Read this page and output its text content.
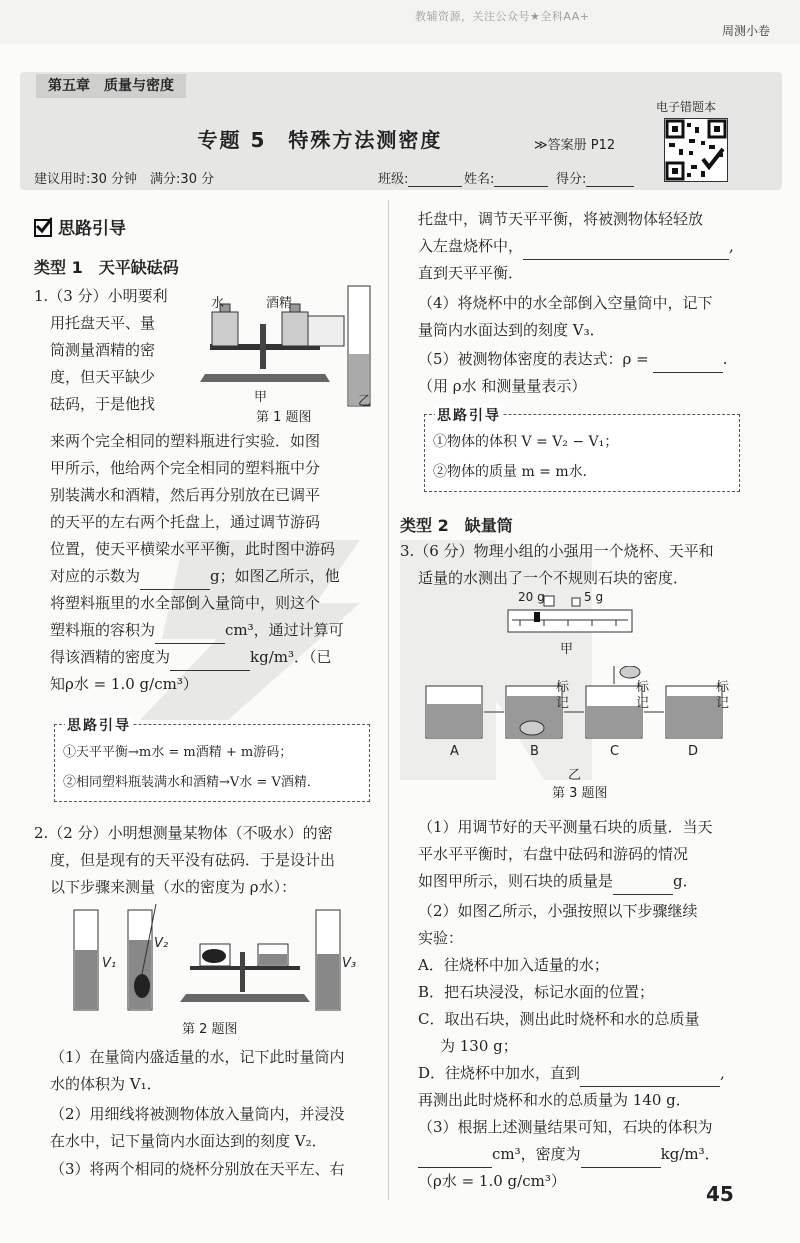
教辅资源，关注公众号★全科AA+
周测小卷
第五章　质量与密度
专题 5　特殊方法测密度	≫答案册 P12
电子错题本
建议用时:30 分钟　满分:30 分	班级:	姓名:	得分:
思路引导
类型 1　天平缺砝码
1.（3 分）小明要利
用托盘天平、量
筒测量酒精的密
度，但天平缺少
砝码，于是他找
水	酒精
甲	乙
第 1 题图
来两个完全相同的塑料瓶进行实验．如图
甲所示，他给两个完全相同的塑料瓶中分
别装满水和酒精，然后再分别放在已调平
的天平的左右两个托盘上，通过调节游码
位置，使天平横梁水平平衡，此时图中游码
对应的示数为	g；如图乙所示，他
将塑料瓶里的水全部倒入量筒中，则这个
塑料瓶的容积为	cm³，通过计算可
得该酒精的密度为	kg/m³．（已
知ρ水 = 1.0 g/cm³）
思路引导
①天平平衡→m水 = m酒精 + m游码；
②相同塑料瓶装满水和酒精→V水 = V酒精．
2.（2 分）小明想测量某物体（不吸水）的密
度，但是现有的天平没有砝码．于是设计出
以下步骤来测量（水的密度为 ρ水）：
V₁
V₂
V₃
第 2 题图
（1）在量筒内盛适量的水，记下此时量筒内
水的体积为 V₁．
（2）用细线将被测物体放入量筒内，并浸没
在水中，记下量筒内水面达到的刻度 V₂．
（3）将两个相同的烧杯分别放在天平左、右
托盘中，调节天平平衡，将被测物体轻轻放
入左盘烧杯中，	,
直到天平平衡．
（4）将烧杯中的水全部倒入空量筒中，记下
量筒内水面达到的刻度 V₃．
（5）被测物体密度的表达式：ρ =	.
（用 ρ水 和测量量表示）
思路引导
①物体的体积 V = V₂ − V₁；
②物体的质量 m = m水．
类型 2　缺量筒
3.（6 分）物理小组的小强用一个烧杯、天平和
适量的水测出了一个不规则石块的密度．
20 g	5 g
甲
标记
标记
标记
A	B	C	D
乙
第 3 题图
（1）用调节好的天平测量石块的质量．当天
平水平平衡时，右盘中砝码和游码的情况
如图甲所示，则石块的质量是	g．
（2）如图乙所示，小强按照以下步骤继续
实验：
A．往烧杯中加入适量的水；
B．把石块浸没，标记水面的位置；
C．取出石块，测出此时烧杯和水的总质量
为 130 g；
D．往烧杯中加水，直到	,
再测出此时烧杯和水的总质量为 140 g．
（3）根据上述测量结果可知，石块的体积为
cm³，密度为	kg/m³．
（ρ水 = 1.0 g/cm³）
45
